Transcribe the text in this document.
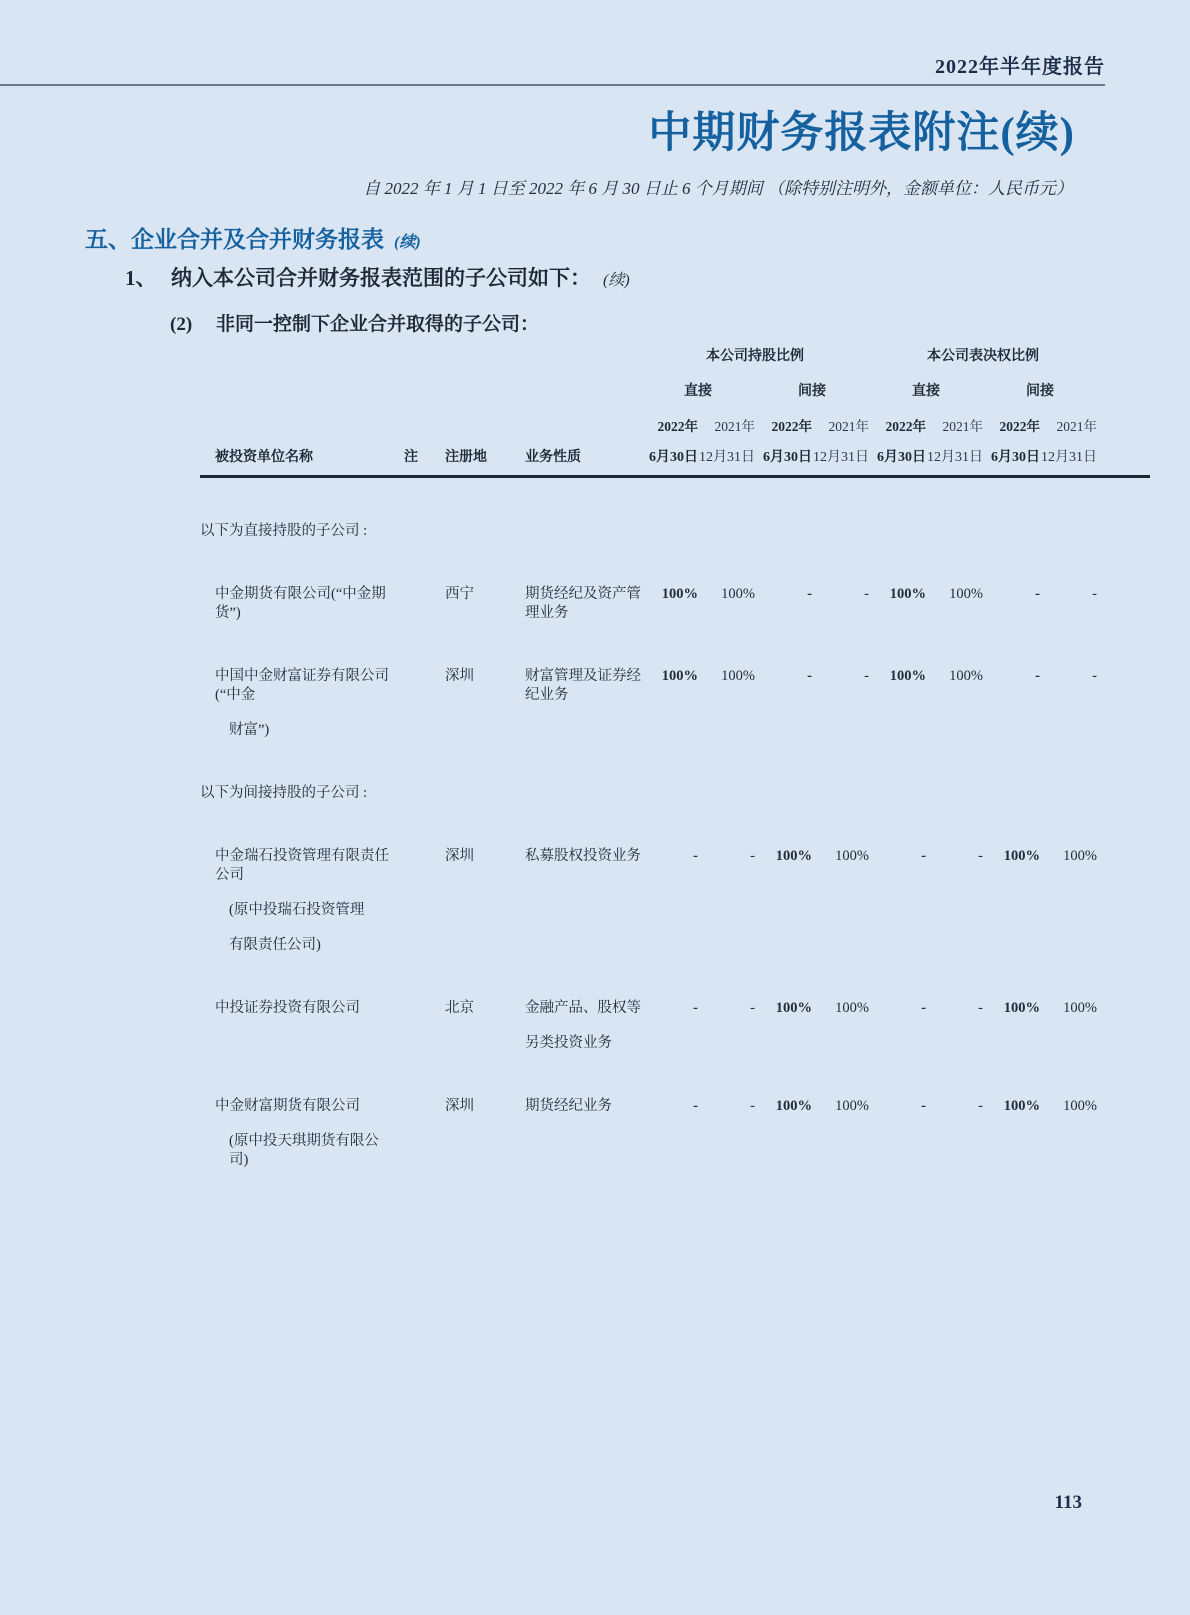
2022年半年度报告
中期财务报表附注(续)
自 2022 年 1 月 1 日至 2022 年 6 月 30 日止 6 个月期间 （除特别注明外，金额单位：人民币元）
五、企业合并及合并财务报表 (续)
1、 纳入本公司合并财务报表范围的子公司如下： (续)
(2) 非同一控制下企业合并取得的子公司：
				本公司持股比例				本公司表决权比例				
				直接		间接		直接		间接		
				2022年	2021年	2022年	2021年	2022年	2021年	2022年	2021年	
被投资单位名称	注	注册地	业务性质	6月30日	12月31日	6月30日	12月31日	6月30日	12月31日	6月30日	12月31日	
以下为直接持股的子公司 :												

中金期货有限公司(“中金期货”)		西宁	期货经纪及资产管理业务	100%	100%	-	-	100%	100%	-	-	

中国中金财富证券有限公司(“中金
财富”)		深圳	财富管理及证券经纪业务	100%	100%	-	-	100%	100%	-	-	
以下为间接持股的子公司 :												

中金瑞石投资管理有限责任公司
(原中投瑞石投资管理
有限责任公司)		深圳	私募股权投资业务	-	-	100%	100%	-	-	100%	100%	

中投证券投资有限公司		北京	金融产品、股权等
另类投资业务	-	-	100%	100%	-	-	100%	100%	

中金财富期货有限公司
(原中投天琪期货有限公司)		深圳	期货经纪业务	-	-	100%	100%	-	-	100%	100%	
113
